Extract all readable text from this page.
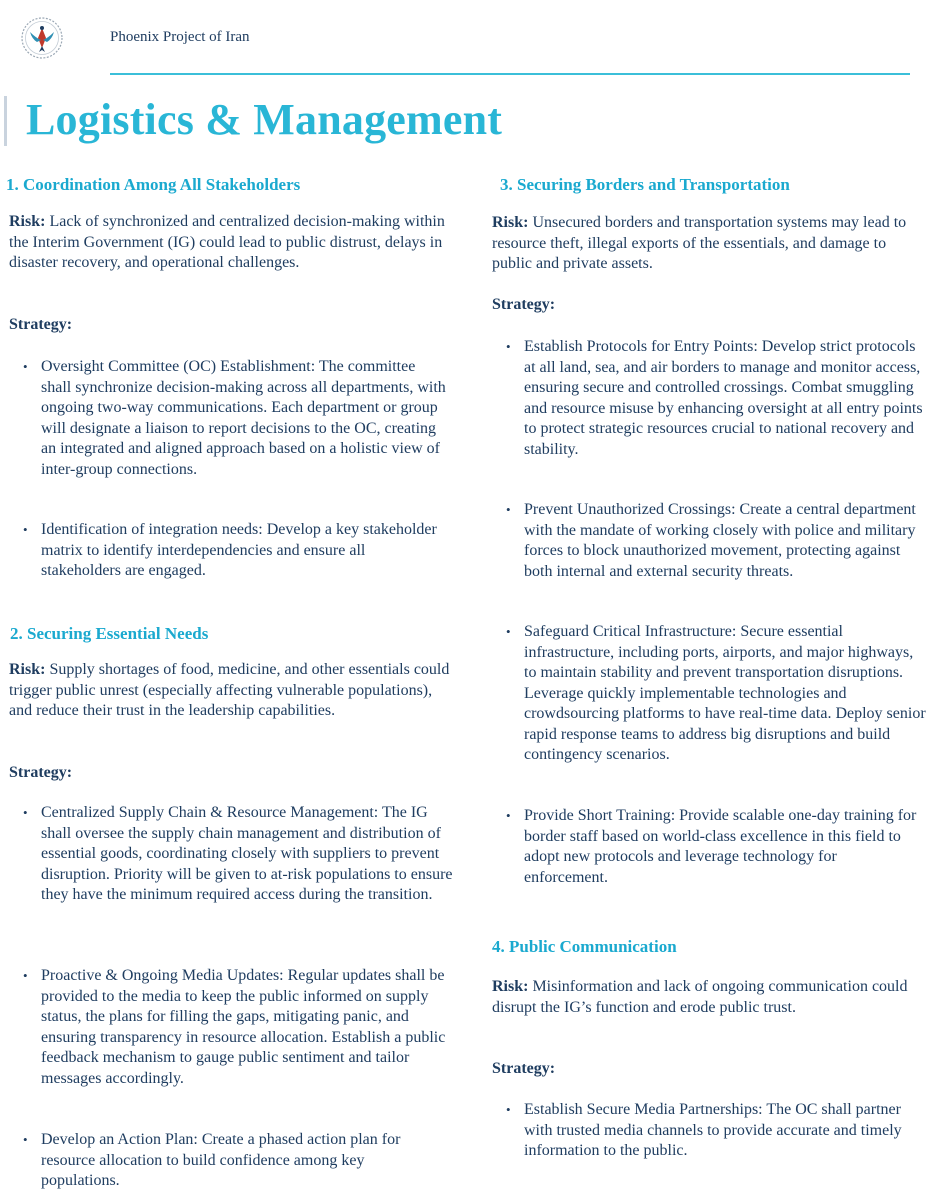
Phoenix Project of Iran
Logistics & Management
1. Coordination Among All Stakeholders
Risk: Lack of synchronized and centralized decision-making within the Interim Government (IG) could lead to public distrust, delays in disaster recovery, and operational challenges.
Strategy:
• Oversight Committee (OC) Establishment: The committee shall synchronize decision-making across all departments, with ongoing two-way communications. Each department or group will designate a liaison to report decisions to the OC, creating an integrated and aligned approach based on a holistic view of inter-group connections.
• Identification of integration needs: Develop a key stakeholder matrix to identify interdependencies and ensure all stakeholders are engaged.
2. Securing Essential Needs
Risk: Supply shortages of food, medicine, and other essentials could trigger public unrest (especially affecting vulnerable populations), and reduce their trust in the leadership capabilities.
Strategy:
• Centralized Supply Chain & Resource Management: The IG shall oversee the supply chain management and distribution of essential goods, coordinating closely with suppliers to prevent disruption. Priority will be given to at-risk populations to ensure they have the minimum required access during the transition.
• Proactive & Ongoing Media Updates: Regular updates shall be provided to the media to keep the public informed on supply status, the plans for filling the gaps, mitigating panic, and ensuring transparency in resource allocation. Establish a public feedback mechanism to gauge public sentiment and tailor messages accordingly.
• Develop an Action Plan: Create a phased action plan for resource allocation to build confidence among key populations.
3. Securing Borders and Transportation
Risk: Unsecured borders and transportation systems may lead to resource theft, illegal exports of the essentials, and damage to public and private assets.
Strategy:
• Establish Protocols for Entry Points: Develop strict protocols at all land, sea, and air borders to manage and monitor access, ensuring secure and controlled crossings. Combat smuggling and resource misuse by enhancing oversight at all entry points to protect strategic resources crucial to national recovery and stability.
• Prevent Unauthorized Crossings: Create a central department with the mandate of working closely with police and military forces to block unauthorized movement, protecting against both internal and external security threats.
• Safeguard Critical Infrastructure: Secure essential infrastructure, including ports, airports, and major highways, to maintain stability and prevent transportation disruptions. Leverage quickly implementable technologies and crowdsourcing platforms to have real-time data. Deploy senior rapid response teams to address big disruptions and build contingency scenarios.
• Provide Short Training: Provide scalable one-day training for border staff based on world-class excellence in this field to adopt new protocols and leverage technology for enforcement.
4. Public Communication
Risk: Misinformation and lack of ongoing communication could disrupt the IG’s function and erode public trust.
Strategy:
• Establish Secure Media Partnerships: The OC shall partner with trusted media channels to provide accurate and timely information to the public.
